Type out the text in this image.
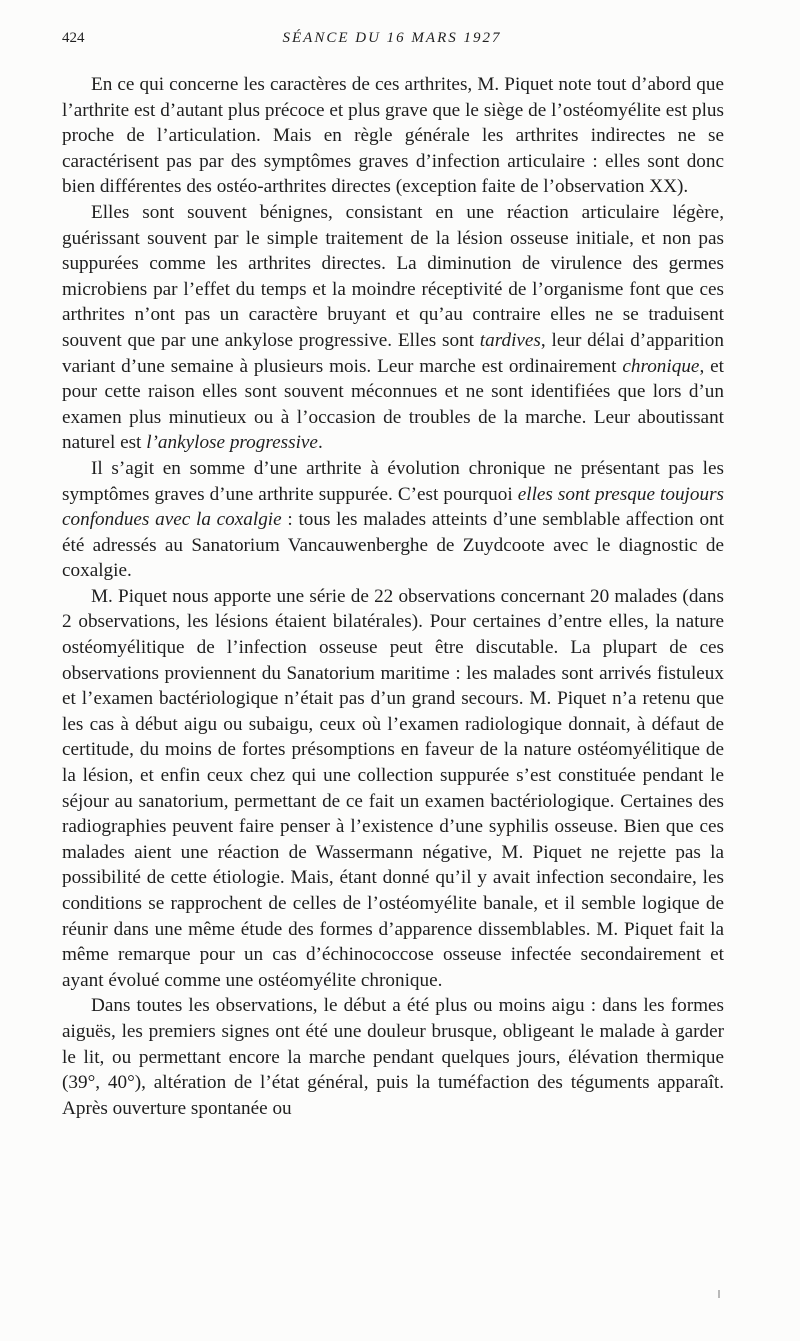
424	SÉANCE DU 16 MARS 1927

En ce qui concerne les caractères de ces arthrites, M. Piquet note tout d’abord que l’arthrite est d’autant plus précoce et plus grave que le siège de l’ostéomyélite est plus proche de l’articulation. Mais en règle générale les arthrites indirectes ne se caractérisent pas par des symptômes graves d’infection articulaire : elles sont donc bien différentes des ostéo-arthrites directes (exception faite de l’observation XX).

Elles sont souvent bénignes, consistant en une réaction articulaire légère, guérissant souvent par le simple traitement de la lésion osseuse initiale, et non pas suppurées comme les arthrites directes. La diminution de virulence des germes microbiens par l’effet du temps et la moindre réceptivité de l’organisme font que ces arthrites n’ont pas un caractère bruyant et qu’au contraire elles ne se traduisent souvent que par une ankylose progressive. Elles sont tardives, leur délai d’apparition variant d’une semaine à plusieurs mois. Leur marche est ordinairement chronique, et pour cette raison elles sont souvent méconnues et ne sont identifiées que lors d’un examen plus minutieux ou à l’occasion de troubles de la marche. Leur aboutissant naturel est l’ankylose progressive.

Il s’agit en somme d’une arthrite à évolution chronique ne présentant pas les symptômes graves d’une arthrite suppurée. C’est pourquoi elles sont presque toujours confondues avec la coxalgie : tous les malades atteints d’une semblable affection ont été adressés au Sanatorium Vancauwenberghe de Zuydcoote avec le diagnostic de coxalgie.

M. Piquet nous apporte une série de 22 observations concernant 20 malades (dans 2 observations, les lésions étaient bilatérales). Pour certaines d’entre elles, la nature ostéomyélitique de l’infection osseuse peut être discutable. La plupart de ces observations proviennent du Sanatorium maritime : les malades sont arrivés fistuleux et l’examen bactériologique n’était pas d’un grand secours. M. Piquet n’a retenu que les cas à début aigu ou subaigu, ceux où l’examen radiologique donnait, à défaut de certitude, du moins de fortes présomptions en faveur de la nature ostéomyélitique de la lésion, et enfin ceux chez qui une collection suppurée s’est constituée pendant le séjour au sanatorium, permettant de ce fait un examen bactériologique. Certaines des radiographies peuvent faire penser à l’existence d’une syphilis osseuse. Bien que ces malades aient une réaction de Wassermann négative, M. Piquet ne rejette pas la possibilité de cette étiologie. Mais, étant donné qu’il y avait infection secondaire, les conditions se rapprochent de celles de l’ostéomyélite banale, et il semble logique de réunir dans une même étude des formes d’apparence dissemblables. M. Piquet fait la même remarque pour un cas d’échinococcose osseuse infectée secondairement et ayant évolué comme une ostéomyélite chronique.

Dans toutes les observations, le début a été plus ou moins aigu : dans les formes aiguës, les premiers signes ont été une douleur brusque, obligeant le malade à garder le lit, ou permettant encore la marche pendant quelques jours, élévation thermique (39°, 40°), altération de l’état général, puis la tuméfaction des téguments apparaît. Après ouverture spontanée ou
